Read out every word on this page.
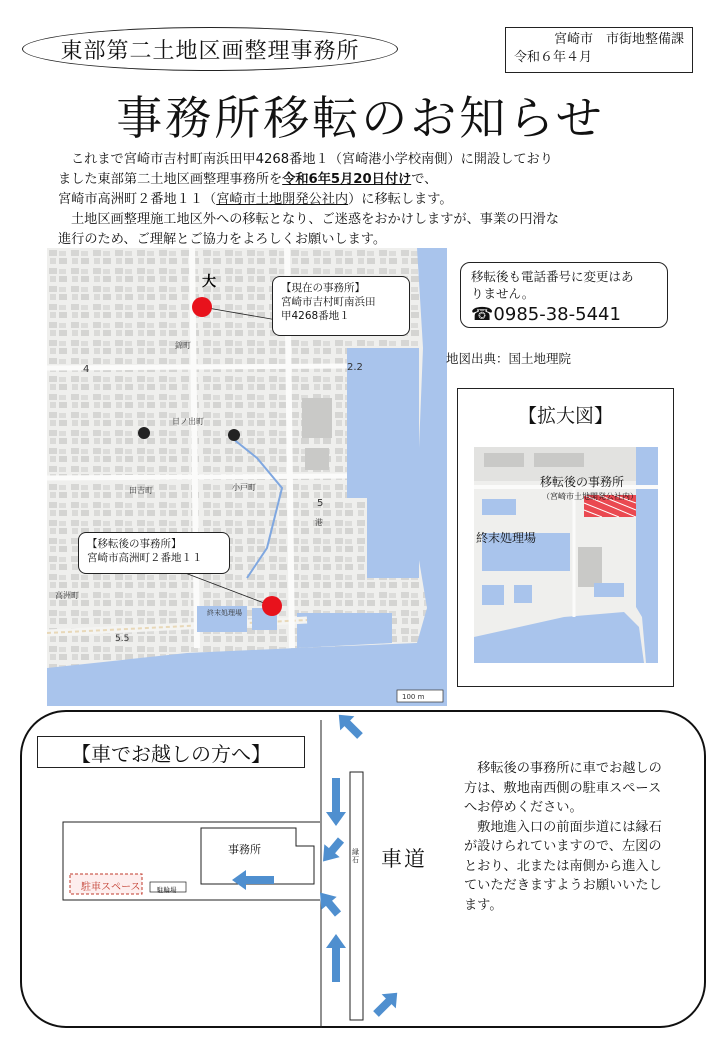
東部第二土地区画整理事務所	宮崎市　市街地整備課
令和６年４月
事務所移転のお知らせ

これまで宮崎市吉村町南浜田甲4268番地１（宮崎港小学校南側）に開設しており

ました東部第二土地区画整理事務所を令和6年5月20日付けで、

宮崎市高洲町２番地１１（宮崎市土地開発公社内）に移転します。

土地区画整理施工地区外への移転となり、ご迷惑をおかけしますが、事業の円滑な

進行のため、ご理解とご協力をよろしくお願いします。

⼤
錦町
日ノ出町
小戸町
田吉町
港
高洲町
終末処理場
2.2
4
5
5.5
100 m
【現在の事務所】
宮崎市吉村町南浜田
甲4268番地１
【移転後の事務所】
宮崎市高洲町２番地１１
移転後も電話番号に変更はあ
りません。
☎0985-38-5441
地図出典：国土地理院
【拡大図】
移転後の事務所
（宮崎市土地開発公社内）
終末処理場
【車でお越しの方へ】
事務所	縁石
駐車スペース	駐輪場
車道

移転後の事務所に車でお越しの方は、敷地南西側の駐車スペースへお停めください。

敷地進入口の前面歩道には縁石が設けられていますので、左図のとおり、北または南側から進入していただきますようお願いいたします。
